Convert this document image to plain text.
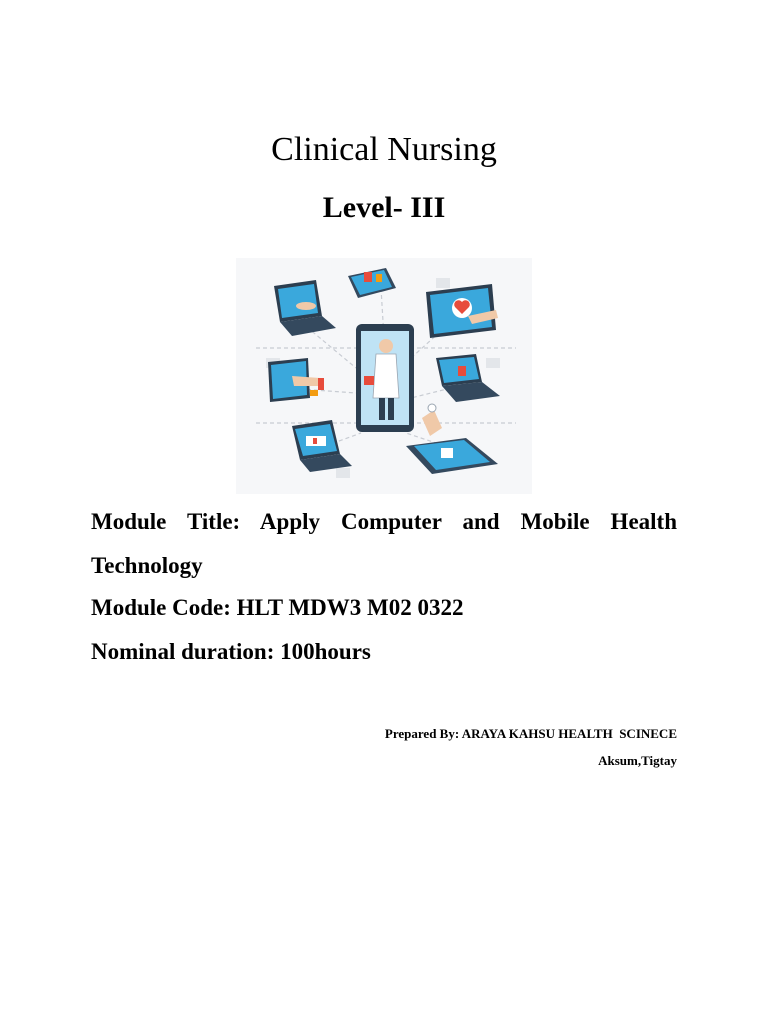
Clinical Nursing
Level- III
Module Title: Apply Computer and Mobile Health Technology
Module Code: HLT MDW3 M02 0322
Nominal duration: 100hours
Prepared By: ARAYA KAHSU HEALTH  SCINECE
Aksum,Tigtay
